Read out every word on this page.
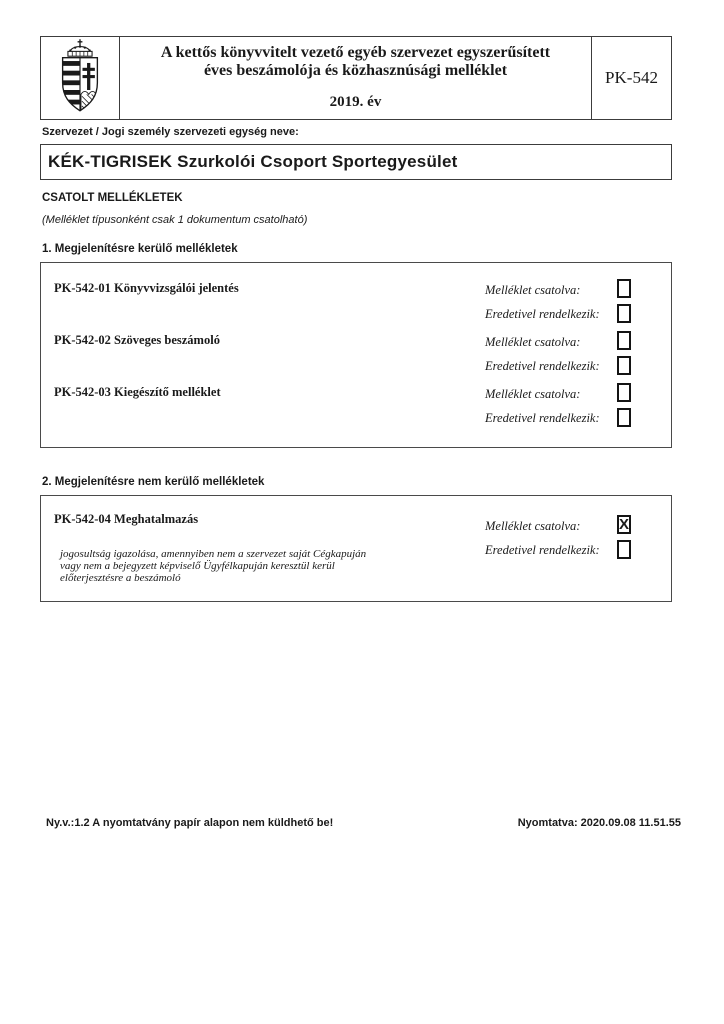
A kettős könyvvitelt vezető egyéb szervezet egyszerűsített
éves beszámolója és közhasznúsági melléklet
2019. év
PK-542
Szervezet / Jogi személy szervezeti egység neve:
KÉK-TIGRISEK Szurkolói Csoport Sportegyesület
CSATOLT MELLÉKLETEK
(Melléklet típusonként csak 1 dokumentum csatolható)
1. Megjelenítésre kerülő mellékletek
PK-542-01 Könyvvizsgálói jelentés	Melléklet csatolva:
Eredetivel rendelkezik:
PK-542-02 Szöveges beszámoló	Melléklet csatolva:
Eredetivel rendelkezik:
PK-542-03 Kiegészítő melléklet	Melléklet csatolva:
Eredetivel rendelkezik:
2. Megjelenítésre nem kerülő mellékletek
PK-542-04 Meghatalmazás
jogosultság igazolása, amennyiben nem a szervezet saját Cégkapuján
vagy nem a bejegyzett képviselő Ügyfélkapuján keresztül kerül
előterjesztésre a beszámoló
Melléklet csatolva:	X
Eredetivel rendelkezik:
Ny.v.:1.2 A nyomtatvány papír alapon nem küldhető be!	Nyomtatva: 2020.09.08 11.51.55
